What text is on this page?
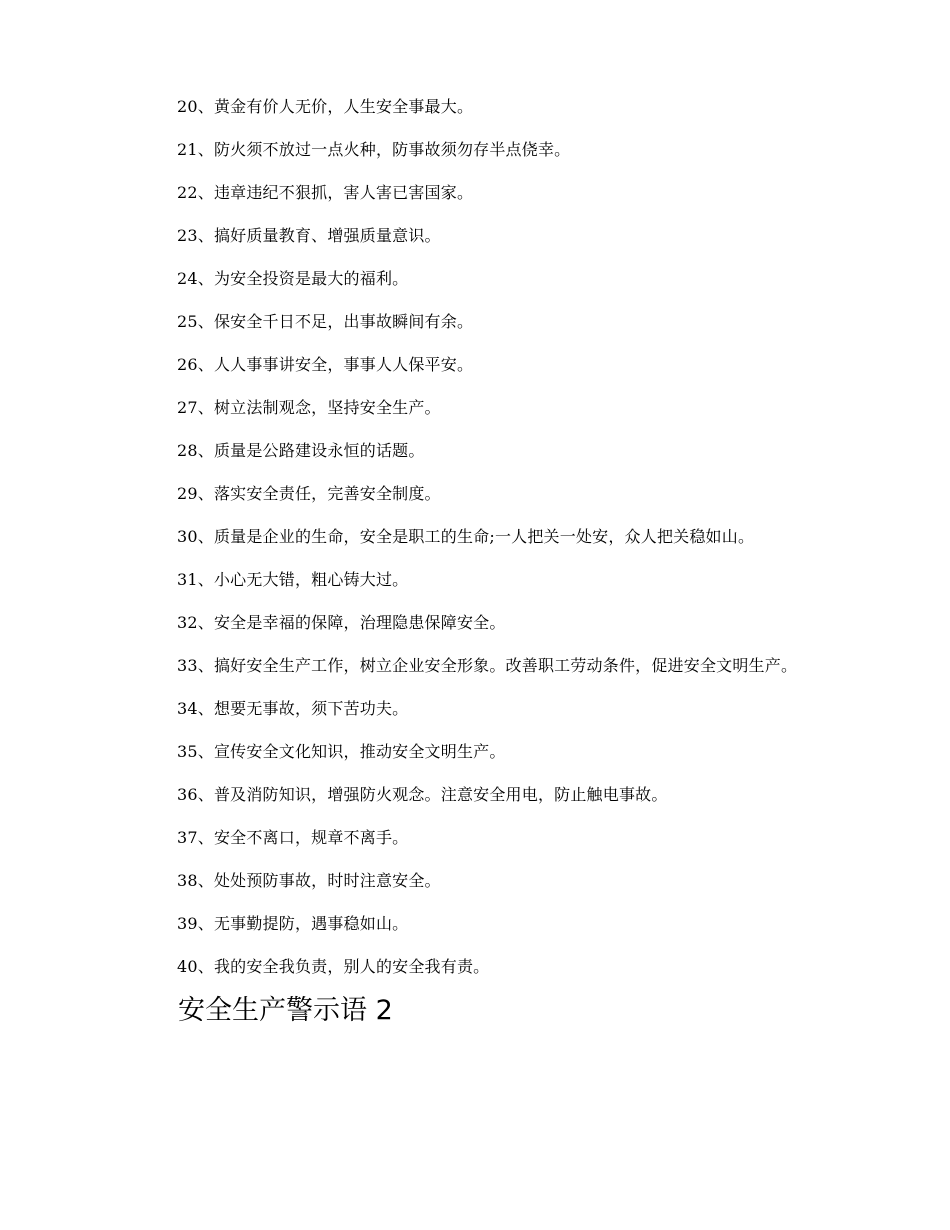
20、黄金有价人无价，人生安全事最大。

21、防火须不放过一点火种，防事故须勿存半点侥幸。

22、违章违纪不狠抓，害人害已害国家。

23、搞好质量教育、增强质量意识。

24、为安全投资是最大的福利。

25、保安全千日不足，出事故瞬间有余。

26、人人事事讲安全，事事人人保平安。

27、树立法制观念，坚持安全生产。

28、质量是公路建设永恒的话题。

29、落实安全责任，完善安全制度。

30、质量是企业的生命，安全是职工的生命;一人把关一处安，众人把关稳如山。

31、小心无大错，粗心铸大过。

32、安全是幸福的保障，治理隐患保障安全。

33、搞好安全生产工作，树立企业安全形象。改善职工劳动条件，促进安全文明生产。

34、想要无事故，须下苦功夫。

35、宣传安全文化知识，推动安全文明生产。

36、普及消防知识，增强防火观念。注意安全用电，防止触电事故。

37、安全不离口，规章不离手。

38、处处预防事故，时时注意安全。

39、无事勤提防，遇事稳如山。

40、我的安全我负责，别人的安全我有责。

安全生产警示语 2
